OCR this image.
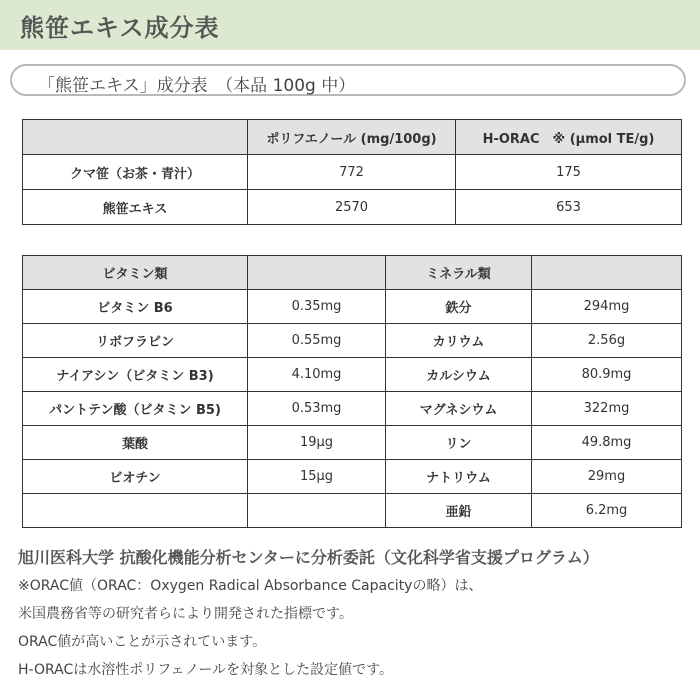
熊笹エキス成分表
「熊笹エキス」成分表　（本品 100g 中）
	ポリフエノール (mg/100g)	H-ORAC　※ (μmol TE/g)
クマ笹（お茶・青汁）	772	175
熊笹エキス	2570	653
ビタミン類		ミネラル類	
ビタミン B6	0.35mg	鉄分	294mg
リボフラビン	0.55mg	カリウム	2.56g
ナイアシン（ビタミン B3)	4.10mg	カルシウム	80.9mg
パントテン酸（ビタミン B5)	0.53mg	マグネシウム	322mg
葉酸	19μg	リン	49.8mg
ビオチン	15μg	ナトリウム	29mg
		亜鉛	6.2mg
旭川医科大学 抗酸化機能分析センターに分析委託（文化科学省支援プログラム）
※ORAC値（ORAC：Oxygen Radical Absorbance Capacityの略）は、
米国農務省等の研究者らにより開発された指標です。
ORAC値が高いことが示されています。
H-ORACは水溶性ポリフェノールを対象とした設定値です。
